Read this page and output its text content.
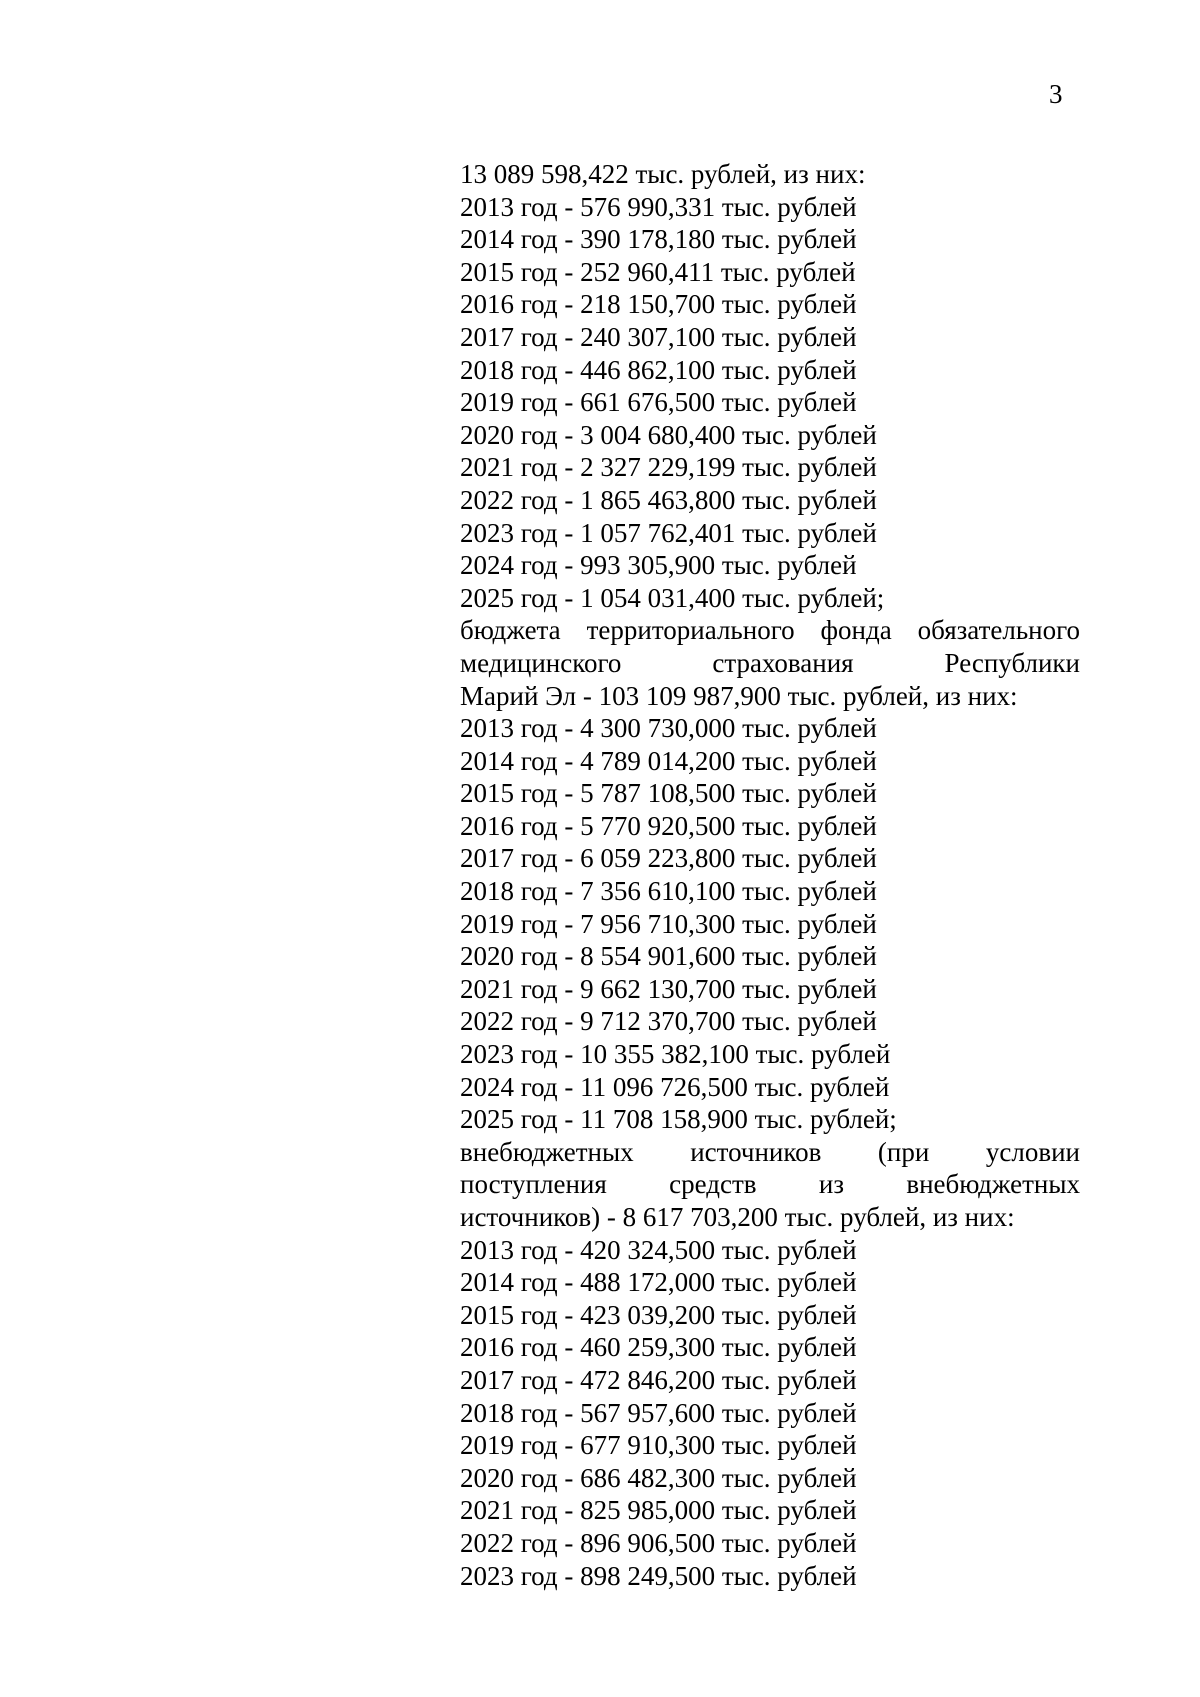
3
13 089 598,422 тыс. рублей, из них:
2013 год - 576 990,331 тыс. рублей
2014 год - 390 178,180 тыс. рублей
2015 год - 252 960,411 тыс. рублей
2016 год - 218 150,700 тыс. рублей
2017 год - 240 307,100 тыс. рублей
2018 год - 446 862,100 тыс. рублей
2019 год - 661 676,500 тыс. рублей
2020 год - 3 004 680,400 тыс. рублей
2021 год - 2 327 229,199 тыс. рублей
2022 год - 1 865 463,800 тыс. рублей
2023 год - 1 057 762,401 тыс. рублей
2024 год - 993 305,900 тыс. рублей
2025 год - 1 054 031,400 тыс. рублей;
бюджета территориального фонда обязательного
медицинского страхования Республики
Марий Эл - 103 109 987,900 тыс. рублей, из них:
2013 год - 4 300 730,000 тыс. рублей
2014 год - 4 789 014,200 тыс. рублей
2015 год - 5 787 108,500 тыс. рублей
2016 год - 5 770 920,500 тыс. рублей
2017 год - 6 059 223,800 тыс. рублей
2018 год - 7 356 610,100 тыс. рублей
2019 год - 7 956 710,300 тыс. рублей
2020 год - 8 554 901,600 тыс. рублей
2021 год - 9 662 130,700 тыс. рублей
2022 год - 9 712 370,700 тыс. рублей
2023 год - 10 355 382,100 тыс. рублей
2024 год - 11 096 726,500 тыс. рублей
2025 год - 11 708 158,900 тыс. рублей;
внебюджетных источников (при условии
поступления средств из внебюджетных
источников) - 8 617 703,200 тыс. рублей, из них:
2013 год - 420 324,500 тыс. рублей
2014 год - 488 172,000 тыс. рублей
2015 год - 423 039,200 тыс. рублей
2016 год - 460 259,300 тыс. рублей
2017 год - 472 846,200 тыс. рублей
2018 год - 567 957,600 тыс. рублей
2019 год - 677 910,300 тыс. рублей
2020 год - 686 482,300 тыс. рублей
2021 год - 825 985,000 тыс. рублей
2022 год - 896 906,500 тыс. рублей
2023 год - 898 249,500 тыс. рублей
